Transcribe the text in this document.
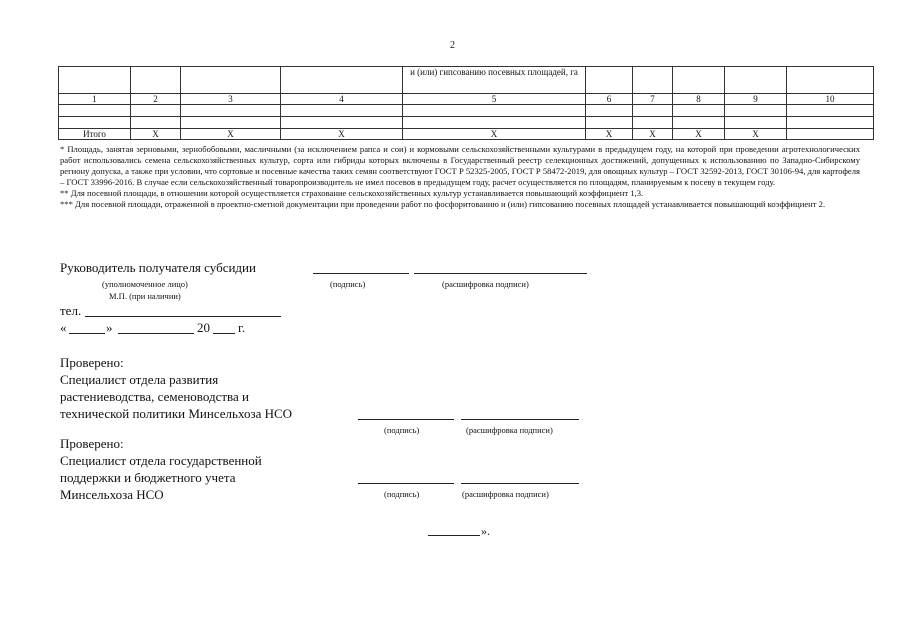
2
				и (или) гипсованию посевных площадей, га					
1	2	3	4	5	6	7	8	9	10

Итого	Х	Х	Х	Х	Х	Х	Х	Х	

* Площадь, занятая зерновыми, зернобобовыми, масличными (за исключением рапса и сои) и кормовыми сельскохозяйственными культурами в предыдущем году, на которой при проведении агротехнологических работ использовались семена сельскохозяйственных культур, сорта или гибриды которых включены в Государственный реестр селекционных достижений, допущенных к использованию по Западно-Сибирскому региону допуска, а также при условии, что сортовые и посевные качества таких семян соответствуют ГОСТ Р 52325-2005, ГОСТ Р 58472-2019, для овощных культур – ГОСТ 32592-2013, ГОСТ 30106-94, для картофеля – ГОСТ 33996-2016. В случае если сельскохозяйственный товаропроизводитель не имел посевов в предыдущем году, расчет осуществляется по площадям, планируемым к посеву в текущем году.

** Для посевной площади, в отношении которой осуществляется страхование сельскохозяйственных культур устанавливается повышающий коэффициент 1,3.

*** Для посевной площади, отраженной в проектно-сметной документации при проведении работ по фосфоритованию и (или) гипсованию посевных площадей устанавливается повышающий коэффициент 2.

Руководитель получателя субсидии
(уполномоченное лицо)	(подпись)	(расшифровка подписи)
М.П. (при наличии)
тел.
«	»	20 г.
Проверено:
Специалист отдела развития
растениеводства, семеноводства и
технической политики Минсельхоза НСО
(подпись)	(расшифровка подписи)
Проверено:
Специалист отдела государственной
поддержки и бюджетного учета
Минсельхоза НСО	(подпись)	(расшифровка подписи)
».
